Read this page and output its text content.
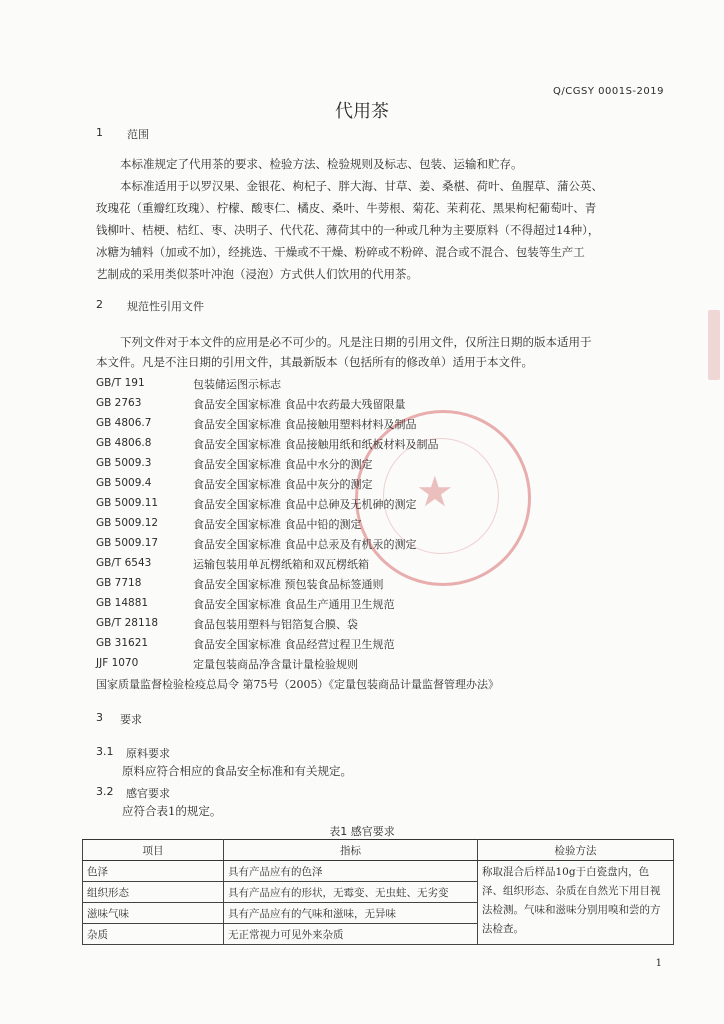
★
Q/CGSY 0001S-2019
代用茶
1 范围
本标准规定了代用茶的要求、检验方法、检验规则及标志、包装、运输和贮存。
本标准适用于以罗汉果、金银花、枸杞子、胖大海、甘草、姜、桑椹、荷叶、鱼腥草、蒲公英、
玫瑰花（重瓣红玫瑰）、柠檬、酸枣仁、橘皮、桑叶、牛蒡根、菊花、茉莉花、黑果枸杞葡萄叶、青
钱柳叶、桔梗、桔红、枣、决明子、代代花、薄荷其中的一种或几种为主要原料（不得超过14种），
冰糖为辅料（加或不加），经挑选、干燥或不干燥、粉碎或不粉碎、混合或不混合、包装等生产工
艺制成的采用类似茶叶冲泡（浸泡）方式供人们饮用的代用茶。
2 规范性引用文件
下列文件对于本文件的应用是必不可少的。凡是注日期的引用文件，仅所注日期的版本适用于
本文件。凡是不注日期的引用文件，其最新版本（包括所有的修改单）适用于本文件。
GB/T 191	包装储运图示标志
GB 2763	食品安全国家标准 食品中农药最大残留限量
GB 4806.7	食品安全国家标准 食品接触用塑料材料及制品
GB 4806.8	食品安全国家标准 食品接触用纸和纸板材料及制品
GB 5009.3	食品安全国家标准 食品中水分的测定
GB 5009.4	食品安全国家标准 食品中灰分的测定
GB 5009.11	食品安全国家标准 食品中总砷及无机砷的测定
GB 5009.12	食品安全国家标准 食品中铅的测定
GB 5009.17	食品安全国家标准 食品中总汞及有机汞的测定
GB/T 6543	运输包装用单瓦楞纸箱和双瓦楞纸箱
GB 7718	食品安全国家标准 预包装食品标签通则
GB 14881	食品安全国家标准 食品生产通用卫生规范
GB/T 28118	食品包装用塑料与铝箔复合膜、袋
GB 31621	食品安全国家标准 食品经营过程卫生规范
JJF 1070	定量包装商品净含量计量检验规则
国家质量监督检验检疫总局令 第75号（2005）《定量包装商品计量监督管理办法》
3 要求
3.1 原料要求
原料应符合相应的食品安全标准和有关规定。
3.2 感官要求
应符合表1的规定。
表1 感官要求
项目	指标	检验方法
色泽	具有产品应有的色泽	称取混合后样品10g于白瓷盘内，色泽、组织形态、杂质在自然光下用目视法检测。气味和滋味分别用嗅和尝的方法检查。
组织形态	具有产品应有的形状，无霉变、无虫蛀、无劣变	
滋味气味	具有产品应有的气味和滋味，无异味	
杂质	无正常视力可见外来杂质	
1
